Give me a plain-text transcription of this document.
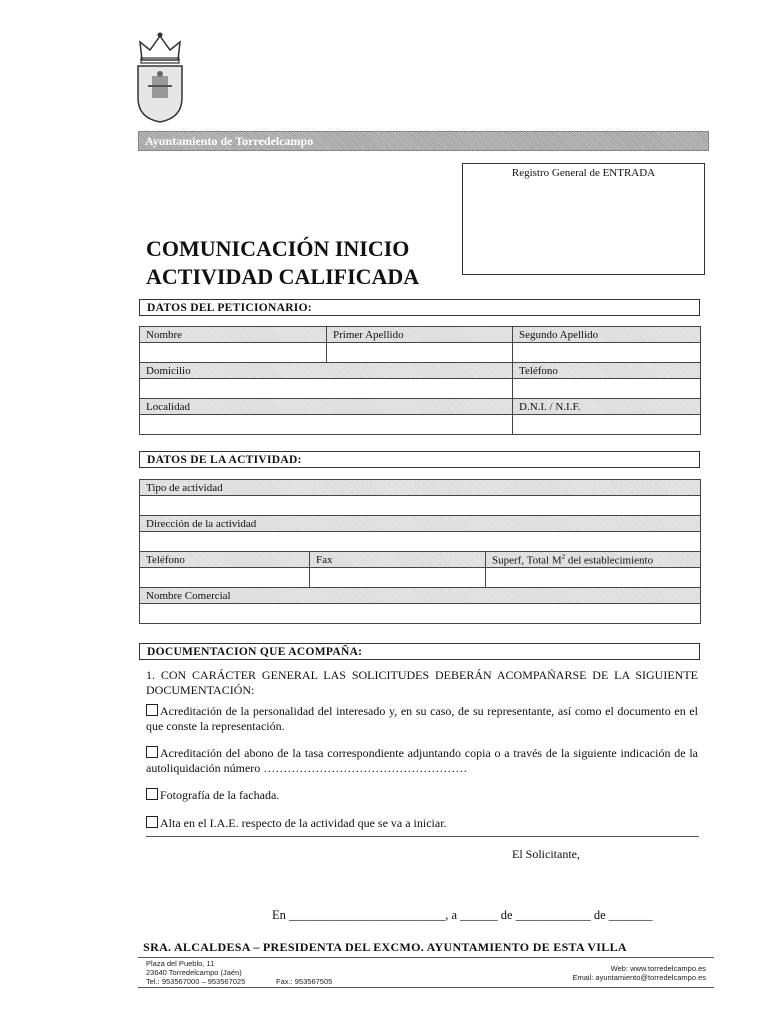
Ayuntamiento de Torredelcampo
Registro General de ENTRADA
COMUNICACIÓN INICIO
ACTIVIDAD CALIFICADA
DATOS DEL PETICIONARIO:
Nombre	Primer Apellido	Segundo Apellido

Domicilio		Teléfono

Localidad		D.N.I. / N.I.F.

DATOS DE LA ACTIVIDAD:
Tipo de actividad		

Dirección de la actividad		

Teléfono	Fax	Superf, Total $M^2$ del establecimiento

Nombre Comercial		

DOCUMENTACION QUE ACOMPAÑA:
1. CON CARÁCTER GENERAL LAS SOLICITUDES DEBERÁN ACOMPAÑARSE DE LA SIGUIENTE DOCUMENTACIÓN:
Acreditación de la personalidad del interesado y, en su caso, de su representante, así como el documento en el que conste la representación.
Acreditación del abono de la tasa correspondiente adjuntando copia o a través de la siguiente indicación de la autoliquidación número ……………………………………………
Fotografía de la fachada.
Alta en el I.A.E. respecto de la actividad que se va a iniciar.
El Solicitante,
En _________________________, a ______ de ____________ de _______
SRA. ALCALDESA – PRESIDENTA DEL EXCMO. AYUNTAMIENTO DE ESTA VILLA
Plaza del Pueblo, 11
23640 Torredelcampo (Jaén)
Tel.: 953567000 – 953567025	Fax.: 953567505
Web: www.torredelcampo.es
Email: ayuntamiento@torredelcampo.es
